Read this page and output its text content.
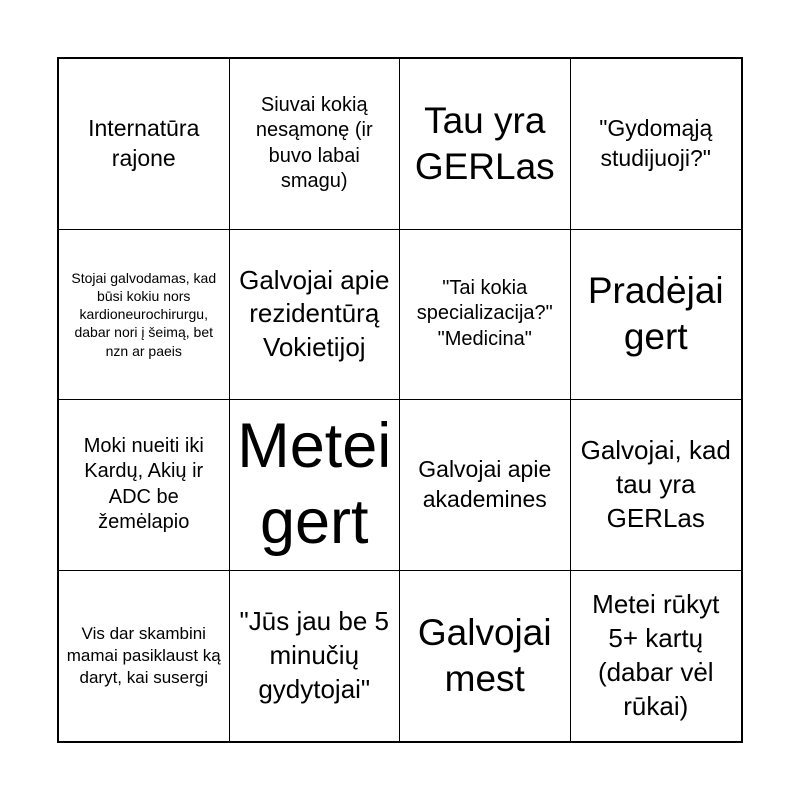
Internatūra rajone
Siuvai kokią nesąmonę (ir buvo labai smagu)
Tau yra GERLas
"Gydomąją studijuoji?"
Stojai galvodamas, kad būsi kokiu nors kardioneurochirurgu, dabar nori į šeimą, bet nzn ar paeis
Galvojai apie rezidentūrą Vokietijoj
"Tai kokia specializacija?" "Medicina"
Pradėjai gert
Moki nueiti iki Kardų, Akių ir ADC be žemėlapio
Metei gert
Galvojai apie akademines
Galvojai, kad tau yra GERLas
Vis dar skambini mamai pasiklaust ką daryt, kai susergi
"Jūs jau be 5 minučių gydytojai"
Galvojai mest
Metei rūkyt 5+ kartų (dabar vėl rūkai)
